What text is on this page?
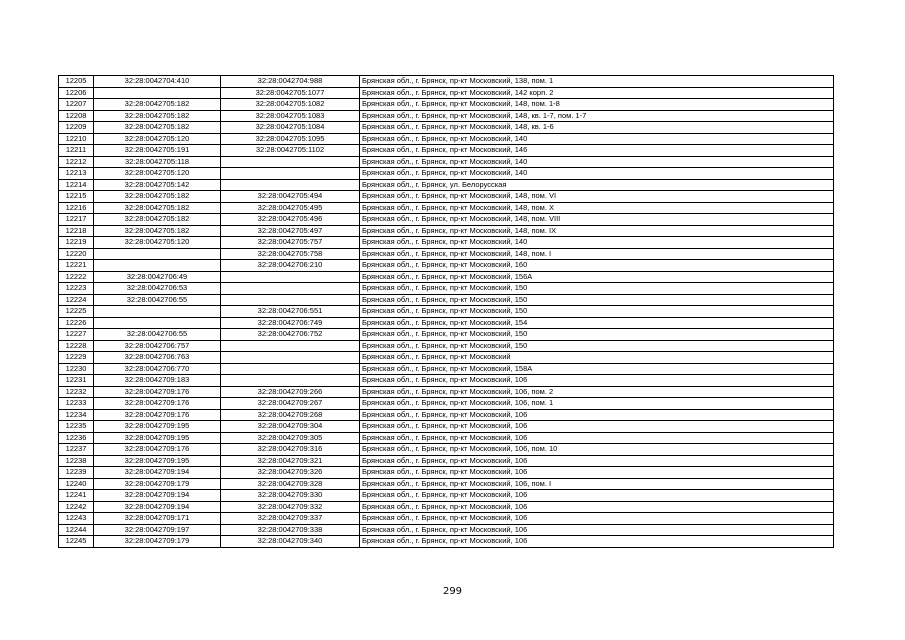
12205	32:28:0042704:410	32:28:0042704:988	Брянская обл., г. Брянск, пр-кт Московский, 138, пом. 1
12206		32:28:0042705:1077	Брянская обл., г. Брянск, пр-кт Московский, 142 корп. 2
12207	32:28:0042705:182	32:28:0042705:1082	Брянская обл., г. Брянск, пр-кт Московский, 148, пом. 1-8
12208	32:28:0042705:182	32:28:0042705:1083	Брянская обл., г. Брянск, пр-кт Московский, 148, кв. 1-7, пом. 1-7
12209	32:28:0042705:182	32:28:0042705:1084	Брянская обл., г. Брянск, пр-кт Московский, 148, кв. 1-6
12210	32:28:0042705:120	32:28:0042705:1095	Брянская обл., г. Брянск, пр-кт Московский, 140
12211	32:28:0042705:191	32:28:0042705:1102	Брянская обл., г. Брянск, пр-кт Московский, 146
12212	32:28:0042705:118		Брянская обл., г. Брянск, пр-кт Московский, 140
12213	32:28:0042705:120		Брянская обл., г. Брянск, пр-кт Московский, 140
12214	32:28:0042705:142		Брянская обл., г. Брянск, ул. Белорусская
12215	32:28:0042705:182	32:28:0042705:494	Брянская обл., г. Брянск, пр-кт Московский, 148, пом. VI
12216	32:28:0042705:182	32:28:0042705:495	Брянская обл., г. Брянск, пр-кт Московский, 148, пом. X
12217	32:28:0042705:182	32:28:0042705:496	Брянская обл., г. Брянск, пр-кт Московский, 148, пом. VIII
12218	32:28:0042705:182	32:28:0042705:497	Брянская обл., г. Брянск, пр-кт Московский, 148, пом. IX
12219	32:28:0042705:120	32:28:0042705:757	Брянская обл., г. Брянск, пр-кт Московский, 140
12220		32:28:0042705:758	Брянская обл., г. Брянск, пр-кт Московский, 148, пом. I
12221		32:28:0042706:210	Брянская обл., г. Брянск, пр-кт Московский, 160
12222	32:28:0042706:49		Брянская обл., г. Брянск, пр-кт Московский, 156А
12223	32:28:0042706:53		Брянская обл., г. Брянск, пр-кт Московский, 150
12224	32:28:0042706:55		Брянская обл., г. Брянск, пр-кт Московский, 150
12225		32:28:0042706:551	Брянская обл., г. Брянск, пр-кт Московский, 150
12226		32:28:0042706:749	Брянская обл., г. Брянск, пр-кт Московский, 154
12227	32:28:0042706:55	32:28:0042706:752	Брянская обл., г. Брянск, пр-кт Московский, 150
12228	32:28:0042706:757		Брянская обл., г. Брянск, пр-кт Московский, 150
12229	32:28:0042706:763		Брянская обл., г. Брянск, пр-кт Московский
12230	32:28:0042706:770		Брянская обл., г. Брянск, пр-кт Московский, 158А
12231	32:28:0042709:183		Брянская обл., г. Брянск, пр-кт Московский, 106
12232	32:28:0042709:176	32:28:0042709:266	Брянская обл., г. Брянск, пр-кт Московский, 106, пом. 2
12233	32:28:0042709:176	32:28:0042709:267	Брянская обл., г. Брянск, пр-кт Московский, 106, пом. 1
12234	32:28:0042709:176	32:28:0042709:268	Брянская обл., г. Брянск, пр-кт Московский, 106
12235	32:28:0042709:195	32:28:0042709:304	Брянская обл., г. Брянск, пр-кт Московский, 106
12236	32:28:0042709:195	32:28:0042709:305	Брянская обл., г. Брянск, пр-кт Московский, 106
12237	32:28:0042709:176	32:28:0042709:316	Брянская обл., г. Брянск, пр-кт Московский, 106, пом. 10
12238	32:28:0042709:195	32:28:0042709:321	Брянская обл., г. Брянск, пр-кт Московский, 106
12239	32:28:0042709:194	32:28:0042709:326	Брянская обл., г. Брянск, пр-кт Московский, 106
12240	32:28:0042709:179	32:28:0042709:328	Брянская обл., г. Брянск, пр-кт Московский, 106, пом. I
12241	32:28:0042709:194	32:28:0042709:330	Брянская обл., г. Брянск, пр-кт Московский, 106
12242	32:28:0042709:194	32:28:0042709:332	Брянская обл., г. Брянск, пр-кт Московский, 106
12243	32:28:0042709:171	32:28:0042709:337	Брянская обл., г. Брянск, пр-кт Московский, 106
12244	32:28:0042709:197	32:28:0042709:338	Брянская обл., г. Брянск, пр-кт Московский, 106
12245	32:28:0042709:179	32:28:0042709:340	Брянская обл., г. Брянск, пр-кт Московский, 106
299
